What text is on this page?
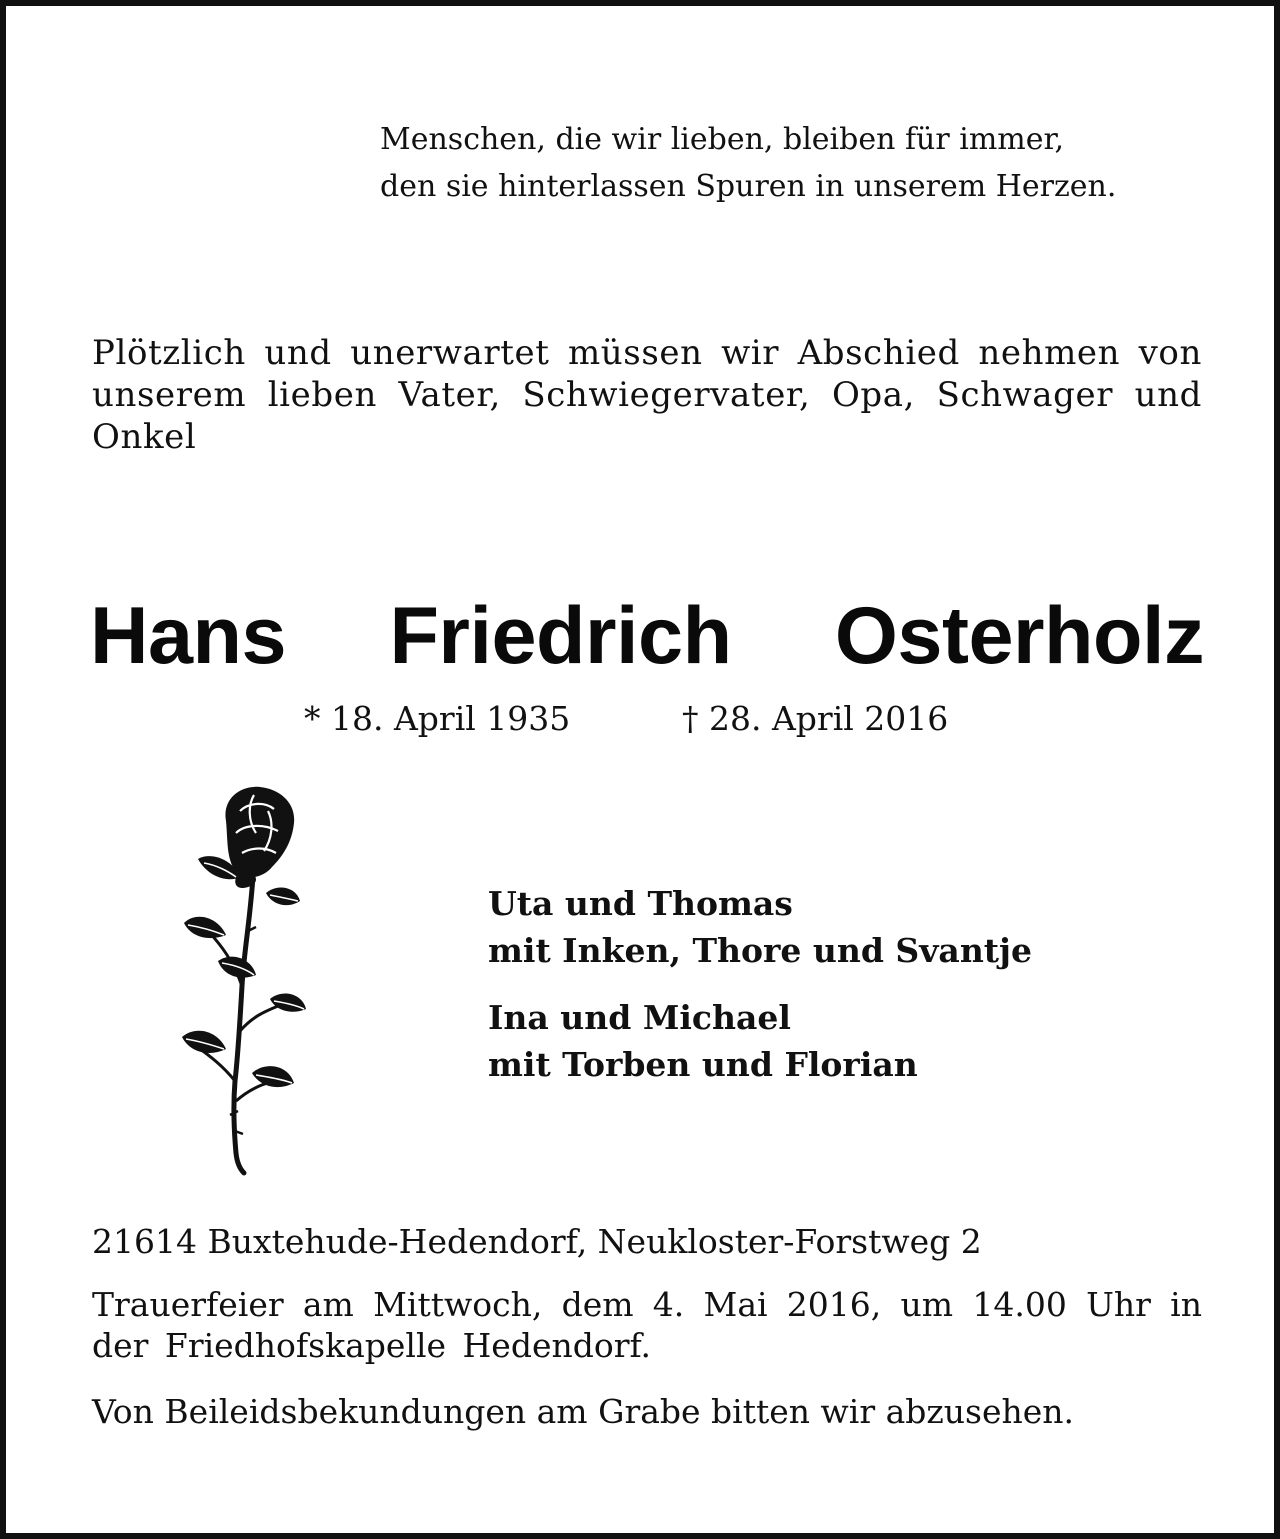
Menschen, die wir lieben, bleiben für immer,
den sie hinterlassen Spuren in unserem Herzen.

Plötzlich und unerwartet müssen wir Abschied nehmen von unserem lieben Vater, Schwiegervater, Opa, Schwager und Onkel

Hans Friedrich Osterholz
* 18. April 1935	† 28. April 2016

Uta und Thomas
mit Inken, Thore und Svantje

Ina und Michael
mit Torben und Florian

21614 Buxtehude-Hedendorf, Neukloster-Forstweg 2

Trauerfeier am Mittwoch, dem 4. Mai 2016, um 14.00 Uhr in der Friedhofskapelle Hedendorf.

Von Beileidsbekundungen am Grabe bitten wir abzusehen.
